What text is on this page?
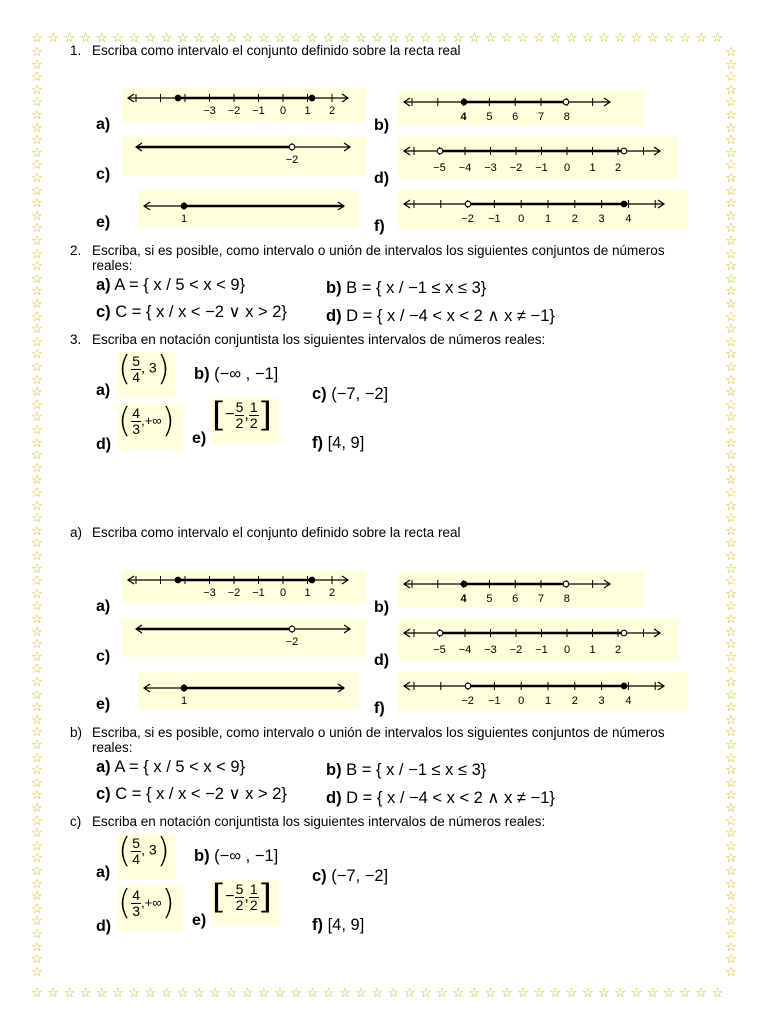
☆
☆
☆
☆
☆
☆
☆
☆
☆
☆
☆
☆
☆
☆
☆
☆
☆
☆
☆
☆
☆
☆
☆
☆
☆
☆
☆
☆
☆
☆
☆
☆
☆
☆
☆
☆
☆
☆
☆
☆
☆
☆
☆
☆
☆
☆
☆
☆
☆
☆
☆
☆
☆
☆
☆
☆
☆
☆
☆
☆
☆
☆
☆
☆
☆
☆
☆
☆
☆
☆
☆
☆
☆
☆
☆
☆
☆
☆
☆
☆
☆
☆
☆
☆
☆
☆
☆	☆
☆	☆
☆	☆
☆	☆
☆	☆
☆	☆
☆	☆
☆	☆
☆	☆
☆	☆
☆	☆
☆	☆
☆	☆
☆	☆
☆	☆
☆	☆
☆	☆
☆	☆
☆	☆
☆	☆
☆	☆
☆	☆
☆	☆
☆	☆
☆	☆
☆	☆
☆	☆
☆	☆
☆	☆
☆	☆
☆	☆
☆	☆
☆	☆
☆	☆
☆	☆
☆	☆
☆	☆
☆	☆
☆	☆
☆	☆
☆	☆
☆	☆
☆	☆
☆	☆
☆	☆
☆	☆
☆	☆
☆	☆
☆	☆
☆	☆
☆	☆
☆	☆
☆	☆
☆	☆
☆	☆
☆	☆
☆	☆
☆	☆
☆	☆
☆	☆
☆	☆
☆	☆
☆	☆
☆	☆
☆	☆
☆	☆
☆	☆
☆	☆
☆	☆
☆	☆
☆	☆
☆	☆
☆	☆
☆	☆
1. Escriba como intervalo el conjunto definido sobre la recta real
−3 −2 −1 0 1 2	4 5 6 7 8
−2
−5 −4 −3 −2 −1 0 1 2
1	−2 −1 0 1 2 3 4
a)	b)
c)	d)
e)	f)
2. Escriba, si es posible, como intervalo o unión de intervalos los siguientes conjuntos de números
reales:
a) A = { x / 5 < x < 9}	b) B = { x / −1 ≤ x ≤ 3}
c) C = { x / x < −2 ∨ x > 2} d) D = { x / −4 < x < 2 ∧ x ≠ −1}
3. Escriba en notación conjuntista los siguientes intervalos de números reales:
a)
( $\frac{5}{4}$ , 3)	b) (−∞ , −1]
c) (−7, −2]
d)
( $\frac{4}{3}$ ,+∞)	e)
[− $\frac{5}{2}$ , $\frac{1}{2}$ ]
f) [4, 9]
a) Escriba como intervalo el conjunto definido sobre la recta real
−3 −2 −1 0 1 2	4 5 6 7 8
−2
−5 −4 −3 −2 −1 0 1 2
1	−2 −1 0 1 2 3 4
a)	b)
c)	d)
e)	f)
b) Escriba, si es posible, como intervalo o unión de intervalos los siguientes conjuntos de números
reales:
a) A = { x / 5 < x < 9}	b) B = { x / −1 ≤ x ≤ 3}
c) C = { x / x < −2 ∨ x > 2} d) D = { x / −4 < x < 2 ∧ x ≠ −1}
c) Escriba en notación conjuntista los siguientes intervalos de números reales:
a)
( $\frac{5}{4}$ , 3)	b) (−∞ , −1]
c) (−7, −2]
d)
( $\frac{4}{3}$ ,+∞)	e)
[− $\frac{5}{2}$ , $\frac{1}{2}$ ]
f) [4, 9]
